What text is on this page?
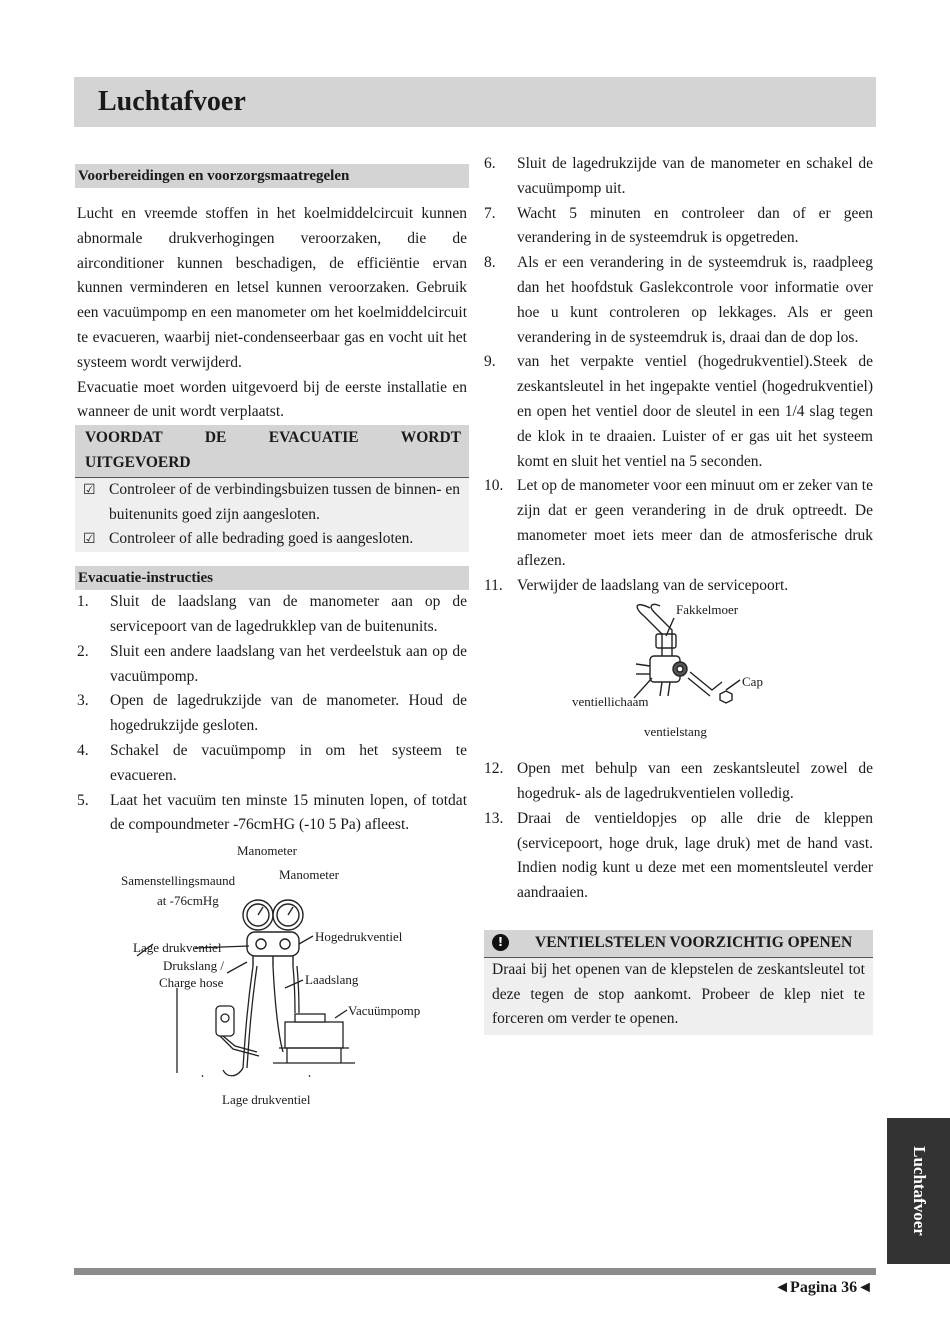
Luchtafvoer
Voorbereidingen en voorzorgsmaatregelen

Lucht en vreemde stoffen in het koelmiddelcircuit kunnen abnormale drukverhogingen veroorzaken, die de airconditioner kunnen beschadigen, de efficiëntie ervan kunnen verminderen en letsel kunnen veroorzaken. Gebruik een vacuümpomp en een manometer om het koelmiddelcircuit te evacueren, waarbij niet-condenseerbaar gas en vocht uit het systeem wordt verwijderd.

Evacuatie moet worden uitgevoerd bij de eerste installatie en wanneer de unit wordt verplaatst.

VOORDAT DE EVACUATIE WORDT
UITGEVOERD
☑ Controleer of de verbindingsbuizen tussen de binnen- en buitenunits goed zijn aangesloten.
☑ Controleer of alle bedrading goed is aangesloten.
Evacuatie-instructies
1.	Sluit de laadslang van de manometer aan op de servicepoort van de lagedrukklep van de buitenunits.
2.	Sluit een andere laadslang van het verdeelstuk aan op de vacuümpomp.
3.	Open de lagedrukzijde van de manometer. Houd de hogedrukzijde gesloten.
4.	Schakel de vacuümpomp in om het systeem te evacueren.
5.	Laat het vacuüm ten minste 15 minuten lopen, of totdat de compoundmeter -76cmHG (-10 5 Pa) afleest.
Manometer
Samenstellingsmaund
at -76cmHg
Manometer
Hogedrukventiel
Lage drukventiel
Drukslang /
Charge hose	Laadslang
Vacuümpomp
Lage drukventiel
6.	Sluit de lagedrukzijde van de manometer en schakel de vacuümpomp uit.
7.	Wacht 5 minuten en controleer dan of er geen verandering in de systeemdruk is opgetreden.
8.	Als er een verandering in de systeemdruk is, raadpleeg dan het hoofdstuk Gaslekcontrole voor informatie over hoe u kunt controleren op lekkages. Als er geen verandering in de systeemdruk is, draai dan de dop los.
9.	van het verpakte ventiel (hogedrukventiel).Steek de zeskantsleutel in het ingepakte ventiel (hogedrukventiel) en open het ventiel door de sleutel in een 1/4 slag tegen de klok in te draaien. Luister of er gas uit het systeem komt en sluit het ventiel na 5 seconden.
10. Let op de manometer voor een minuut om er zeker van te zijn dat er geen verandering in de druk optreedt. De manometer moet iets meer dan de atmosferische druk aflezen.
11. Verwijder de laadslang van de servicepoort.
Fakkelmoer
Cap
ventiellichaam
ventielstang
12. Open met behulp van een zeskantsleutel zowel de hogedruk- als de lagedrukventielen volledig.
13. Draai de ventieldopjes op alle drie de kleppen (servicepoort, hoge druk, lage druk) met de hand vast. Indien nodig kunt u deze met een momentsleutel verder aandraaien.
!	VENTIELSTELEN VOORZICHTIG OPENEN
Draai bij het openen van de klepstelen de zeskantsleutel tot deze tegen de stop aankomt. Probeer de klep niet te forceren om verder te openen.
Luchtafvoer
◄Pagina 36◄
